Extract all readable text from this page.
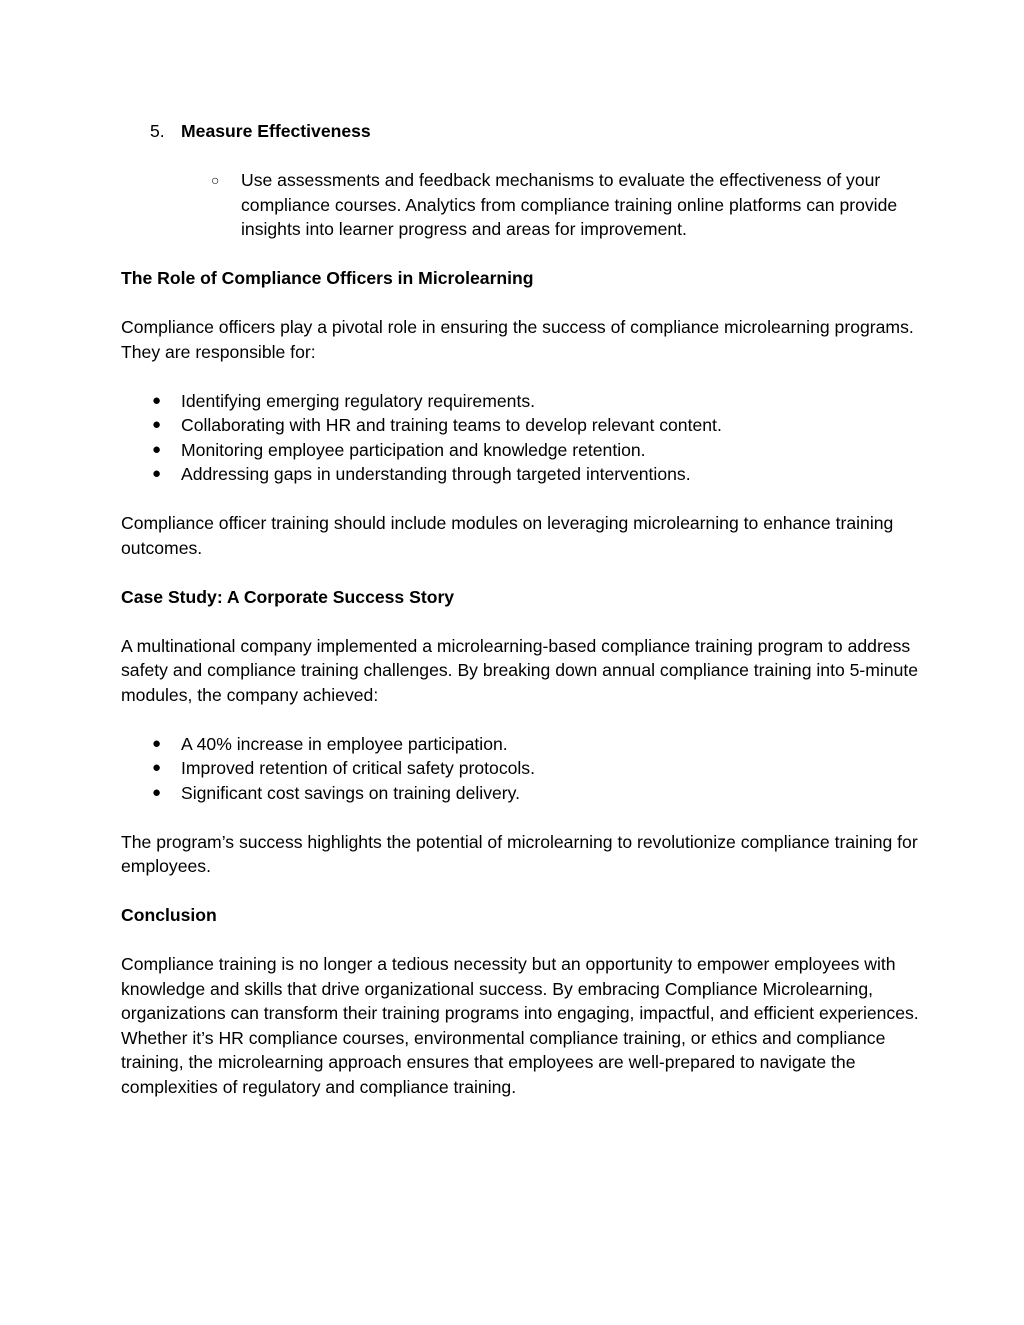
5. Measure Effectiveness
○ Use assessments and feedback mechanisms to evaluate the effectiveness of your compliance courses. Analytics from compliance training online platforms can provide insights into learner progress and areas for improvement.

The Role of Compliance Officers in Microlearning

Compliance officers play a pivotal role in ensuring the success of compliance microlearning programs. They are responsible for:

● Identifying emerging regulatory requirements.
● Collaborating with HR and training teams to develop relevant content.
● Monitoring employee participation and knowledge retention.
● Addressing gaps in understanding through targeted interventions.

Compliance officer training should include modules on leveraging microlearning to enhance training outcomes.

Case Study: A Corporate Success Story

A multinational company implemented a microlearning-based compliance training program to address safety and compliance training challenges. By breaking down annual compliance training into 5-minute modules, the company achieved:

● A 40% increase in employee participation.
● Improved retention of critical safety protocols.
● Significant cost savings on training delivery.

The program’s success highlights the potential of microlearning to revolutionize compliance training for employees.

Conclusion

Compliance training is no longer a tedious necessity but an opportunity to empower employees with knowledge and skills that drive organizational success. By embracing Compliance Microlearning, organizations can transform their training programs into engaging, impactful, and efficient experiences. Whether it’s HR compliance courses, environmental compliance training, or ethics and compliance training, the microlearning approach ensures that employees are well-prepared to navigate the complexities of regulatory and compliance training.
